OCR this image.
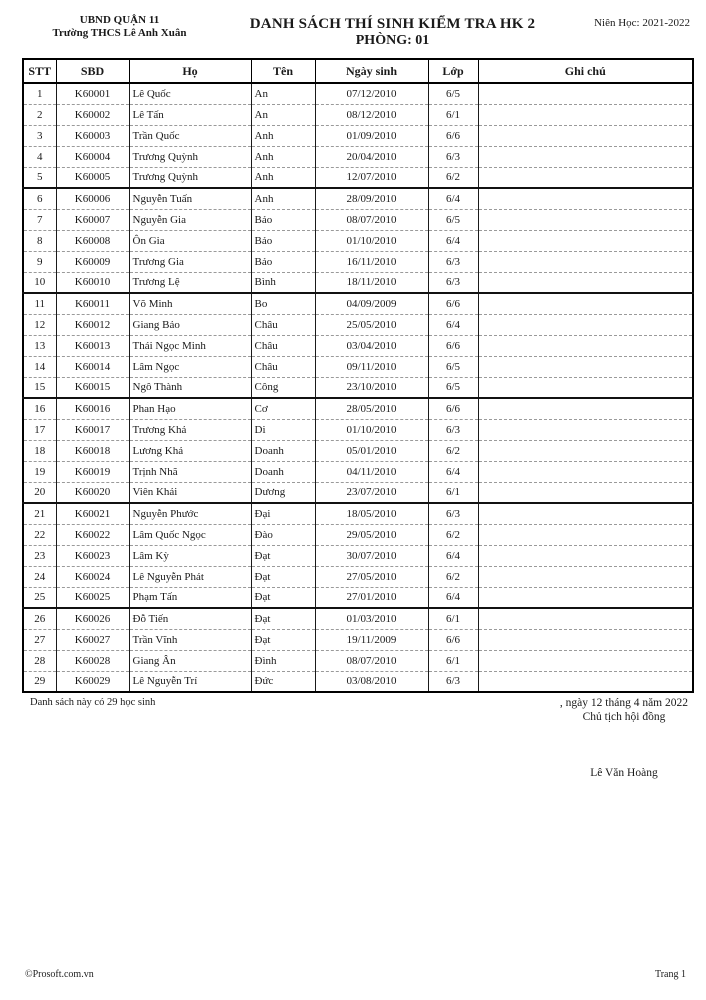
UBND QUẬN 11
Trường THCS Lê Anh Xuân
DANH SÁCH THÍ SINH KIỂM TRA HK 2
PHÒNG: 01
Niên Học: 2021-2022
STT	SBD	Họ	Tên	Ngày sinh	Lớp	Ghi chú
1	K60001	Lê Quốc	An	07/12/2010	6/5	
2	K60002	Lê Tấn	An	08/12/2010	6/1	
3	K60003	Trần Quốc	Anh	01/09/2010	6/6	
4	K60004	Trương Quỳnh	Anh	20/04/2010	6/3	
5	K60005	Trương Quỳnh	Anh	12/07/2010	6/2	
6	K60006	Nguyễn Tuấn	Anh	28/09/2010	6/4	
7	K60007	Nguyễn Gia	Bảo	08/07/2010	6/5	
8	K60008	Ôn Gia	Bảo	01/10/2010	6/4	
9	K60009	Trương Gia	Bảo	16/11/2010	6/3	
10	K60010	Trương Lệ	Bình	18/11/2010	6/3	
11	K60011	Võ Minh	Bo	04/09/2009	6/6	
12	K60012	Giang Bảo	Châu	25/05/2010	6/4	
13	K60013	Thái Ngọc Minh	Châu	03/04/2010	6/6	
14	K60014	Lâm Ngọc	Châu	09/11/2010	6/5	
15	K60015	Ngô Thành	Công	23/10/2010	6/5	
16	K60016	Phan Hạo	Cơ	28/05/2010	6/6	
17	K60017	Trương Khả	Di	01/10/2010	6/3	
18	K60018	Lương Khả	Doanh	05/01/2010	6/2	
19	K60019	Trịnh Nhã	Doanh	04/11/2010	6/4	
20	K60020	Viên Khải	Dương	23/07/2010	6/1	
21	K60021	Nguyễn Phước	Đại	18/05/2010	6/3	
22	K60022	Lâm Quốc Ngọc	Đào	29/05/2010	6/2	
23	K60023	Lâm Kỳ	Đạt	30/07/2010	6/4	
24	K60024	Lê Nguyễn Phát	Đạt	27/05/2010	6/2	
25	K60025	Phạm Tấn	Đạt	27/01/2010	6/4	
26	K60026	Đỗ Tiến	Đạt	01/03/2010	6/1	
27	K60027	Trần Vĩnh	Đạt	19/11/2009	6/6	
28	K60028	Giang Ân	Đình	08/07/2010	6/1	
29	K60029	Lê Nguyễn Trí	Đức	03/08/2010	6/3	
Danh sách này có 29 học sinh	, ngày 12 tháng 4 năm 2022
Chủ tịch hội đồng
Lê Văn Hoàng
©Prosoft.com.vn	Trang 1
